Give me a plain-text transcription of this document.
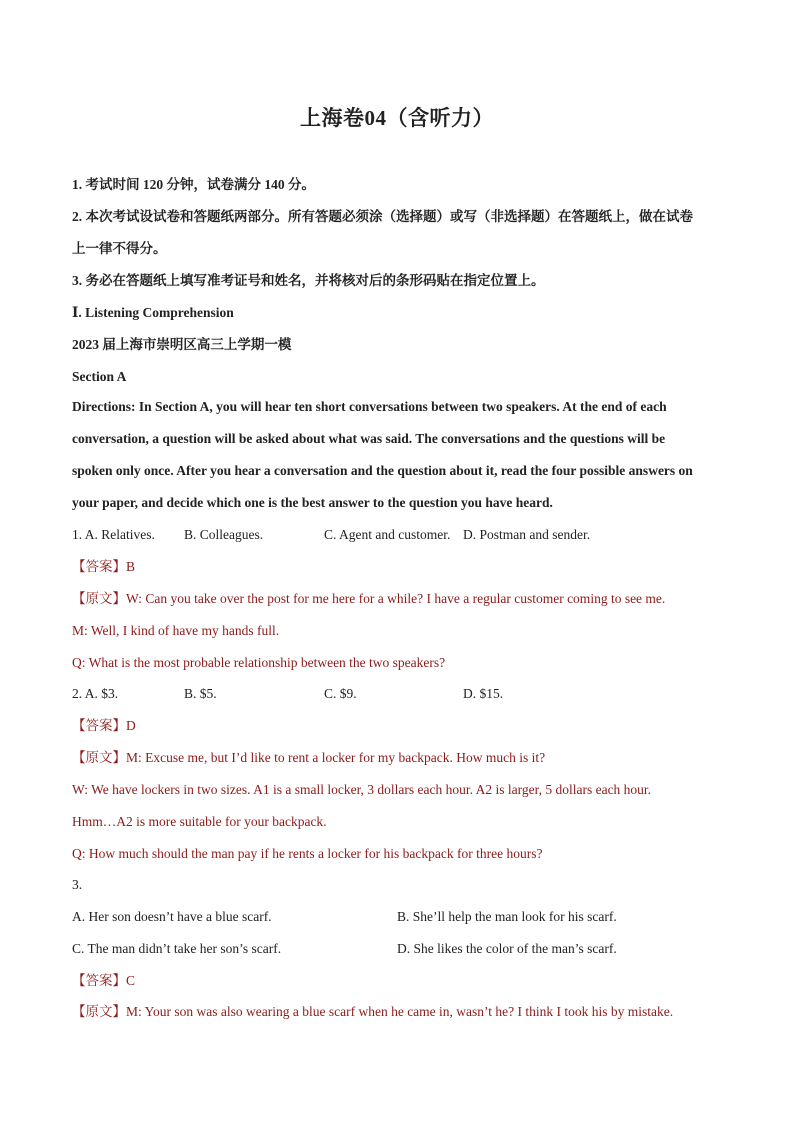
上海卷04（含听力）
1. 考试时间 120 分钟，试卷满分 140 分。
2. 本次考试设试卷和答题纸两部分。所有答题必须涂（选择题）或写（非选择题）在答题纸上，做在试卷
上一律不得分。
3. 务必在答题纸上填写准考证号和姓名，并将核对后的条形码贴在指定位置上。
Ⅰ. Listening Comprehension
2023 届上海市崇明区高三上学期一模
Section A
Directions: In Section A, you will hear ten short conversations between two speakers. At the end of each
conversation, a question will be asked about what was said. The conversations and the questions will be
spoken only once. After you hear a conversation and the question about it, read the four possible answers on
your paper, and decide which one is the best answer to the question you have heard.
1. A. Relatives. B. Colleagues.	C. Agent and customer. D. Postman and sender.
【答案】B
【原文】W: Can you take over the post for me here for a while? I have a regular customer coming to see me.
M: Well, I kind of have my hands full.
Q: What is the most probable relationship between the two speakers?
2. A. $3.	B. $5.	C. $9.	D. $15.
【答案】D
【原文】M: Excuse me, but I’d like to rent a locker for my backpack. How much is it?
W: We have lockers in two sizes. A1 is a small locker, 3 dollars each hour. A2 is larger, 5 dollars each hour.
Hmm…A2 is more suitable for your backpack.
Q: How much should the man pay if he rents a locker for his backpack for three hours?
3.
A. Her son doesn’t have a blue scarf.	B. She’ll help the man look for his scarf.
C. The man didn’t take her son’s scarf.	D. She likes the color of the man’s scarf.
【答案】C
【原文】M: Your son was also wearing a blue scarf when he came in, wasn’t he? I think I took his by mistake.
